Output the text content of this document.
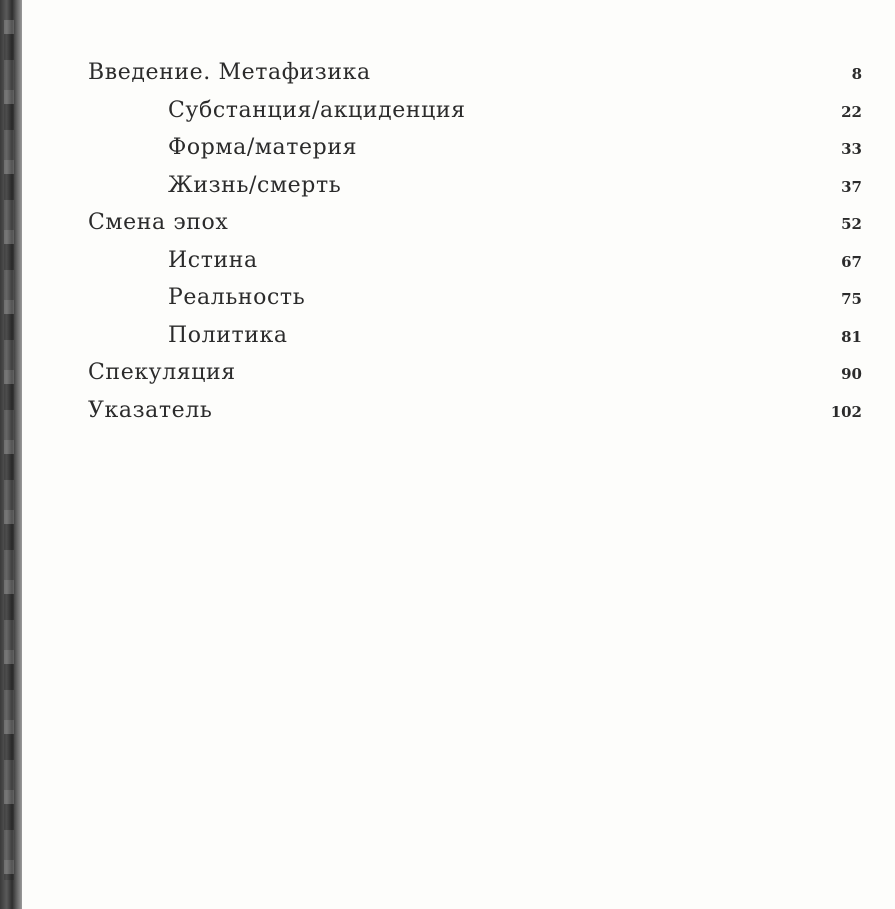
Введение. Метафизика	8
Субстанция/акциденция	22
Форма/материя	33
Жизнь/смерть	37
Смена эпох	52
Истина	67
Реальность	75
Политика	81
Спекуляция	90
Указатель	102
